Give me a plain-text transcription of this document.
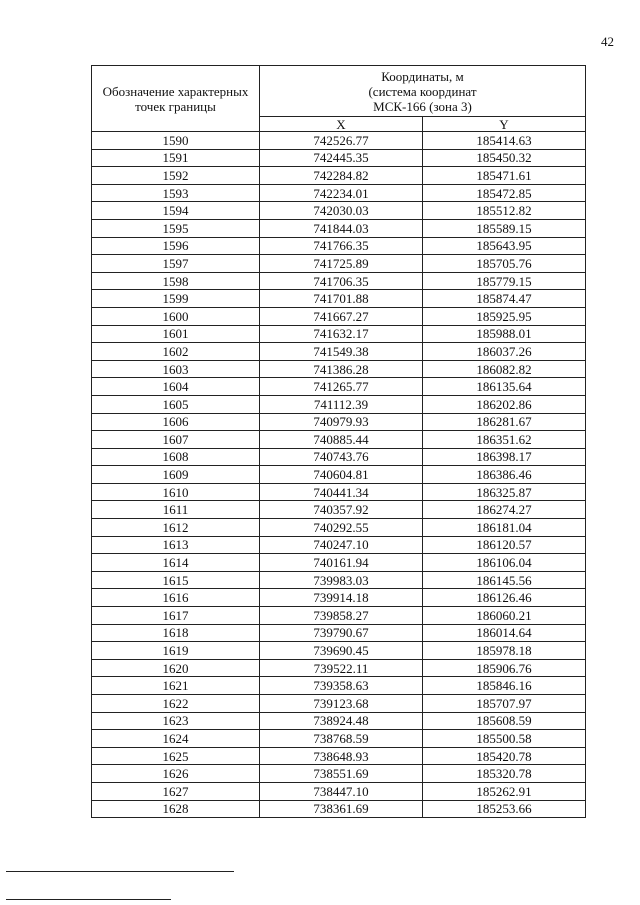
42
Обозначение характерных точек границы	Координаты, м
(система координат
МСК-166 (зона 3)	

	X	Y
1590	742526.77	185414.63
1591	742445.35	185450.32
1592	742284.82	185471.61
1593	742234.01	185472.85
1594	742030.03	185512.82
1595	741844.03	185589.15
1596	741766.35	185643.95
1597	741725.89	185705.76
1598	741706.35	185779.15
1599	741701.88	185874.47
1600	741667.27	185925.95
1601	741632.17	185988.01
1602	741549.38	186037.26
1603	741386.28	186082.82
1604	741265.77	186135.64
1605	741112.39	186202.86
1606	740979.93	186281.67
1607	740885.44	186351.62
1608	740743.76	186398.17
1609	740604.81	186386.46
1610	740441.34	186325.87
1611	740357.92	186274.27
1612	740292.55	186181.04
1613	740247.10	186120.57
1614	740161.94	186106.04
1615	739983.03	186145.56
1616	739914.18	186126.46
1617	739858.27	186060.21
1618	739790.67	186014.64
1619	739690.45	185978.18
1620	739522.11	185906.76
1621	739358.63	185846.16
1622	739123.68	185707.97
1623	738924.48	185608.59
1624	738768.59	185500.58
1625	738648.93	185420.78
1626	738551.69	185320.78
1627	738447.10	185262.91
1628	738361.69	185253.66
